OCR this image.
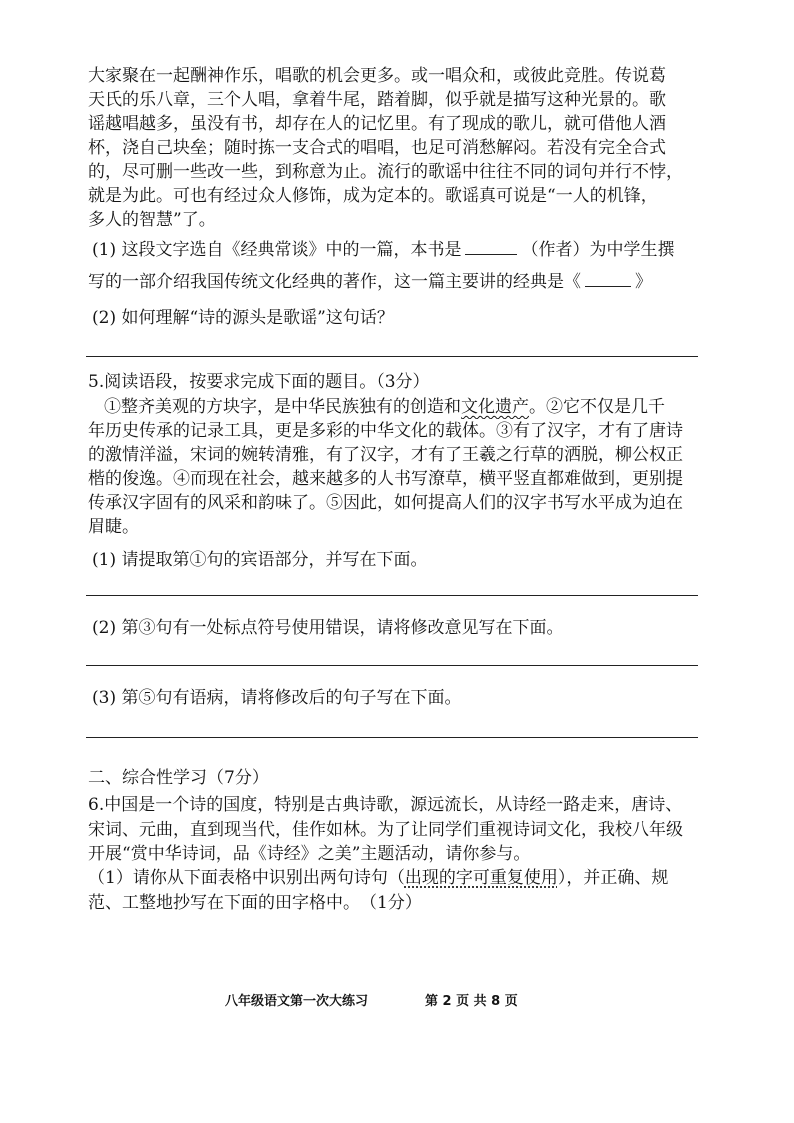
大家聚在一起酬神作乐，唱歌的机会更多。或一唱众和，或彼此竞胜。传说葛
天氏的乐八章，三个人唱，拿着牛尾，踏着脚，似乎就是描写这种光景的。歌
谣越唱越多，虽没有书，却存在人的记忆里。有了现成的歌儿，就可借他人酒
杯，浇自己块垒；随时拣一支合式的唱唱，也足可消愁解闷。若没有完全合式
的，尽可删一些改一些，到称意为止。流行的歌谣中往往不同的词句并行不悖，
就是为此。可也有经过众人修饰，成为定本的。歌谣真可说是“一人的机锋，
多人的智慧”了。
(1) 这段文字选自《经典常谈》中的一篇，本书是	（作者）为中学生撰
写的一部介绍我国传统文化经典的著作，这一篇主要讲的经典是《	》
(2) 如何理解“诗的源头是歌谣”这句话？
5.阅读语段，按要求完成下面的题目。（3分）
①整齐美观的方块字，是中华民族独有的创造和文化遗产。②它不仅是几千
年历史传承的记录工具，更是多彩的中华文化的载体。③有了汉字，才有了唐诗
的激情洋溢，宋词的婉转清雅，有了汉字，才有了王羲之行草的洒脱，柳公权正
楷的俊逸。④而现在社会，越来越多的人书写潦草，横平竖直都难做到，更别提
传承汉字固有的风采和韵味了。⑤因此，如何提高人们的汉字书写水平成为迫在
眉睫。
(1) 请提取第①句的宾语部分，并写在下面。
(2) 第③句有一处标点符号使用错误，请将修改意见写在下面。
(3) 第⑤句有语病，请将修改后的句子写在下面。
二、综合性学习（7分）
6.中国是一个诗的国度，特别是古典诗歌，源远流长，从诗经一路走来，唐诗、
宋词、元曲，直到现当代，佳作如林。为了让同学们重视诗词文化，我校八年级
开展“赏中华诗词，品《诗经》之美”主题活动，请你参与。
（1）请你从下面表格中识别出两句诗句（出现的字可重复使用），并正确、规
范、工整地抄写在下面的田字格中。　（1分）
八年级语文第一次大练习	第 2 页 共 8 页
